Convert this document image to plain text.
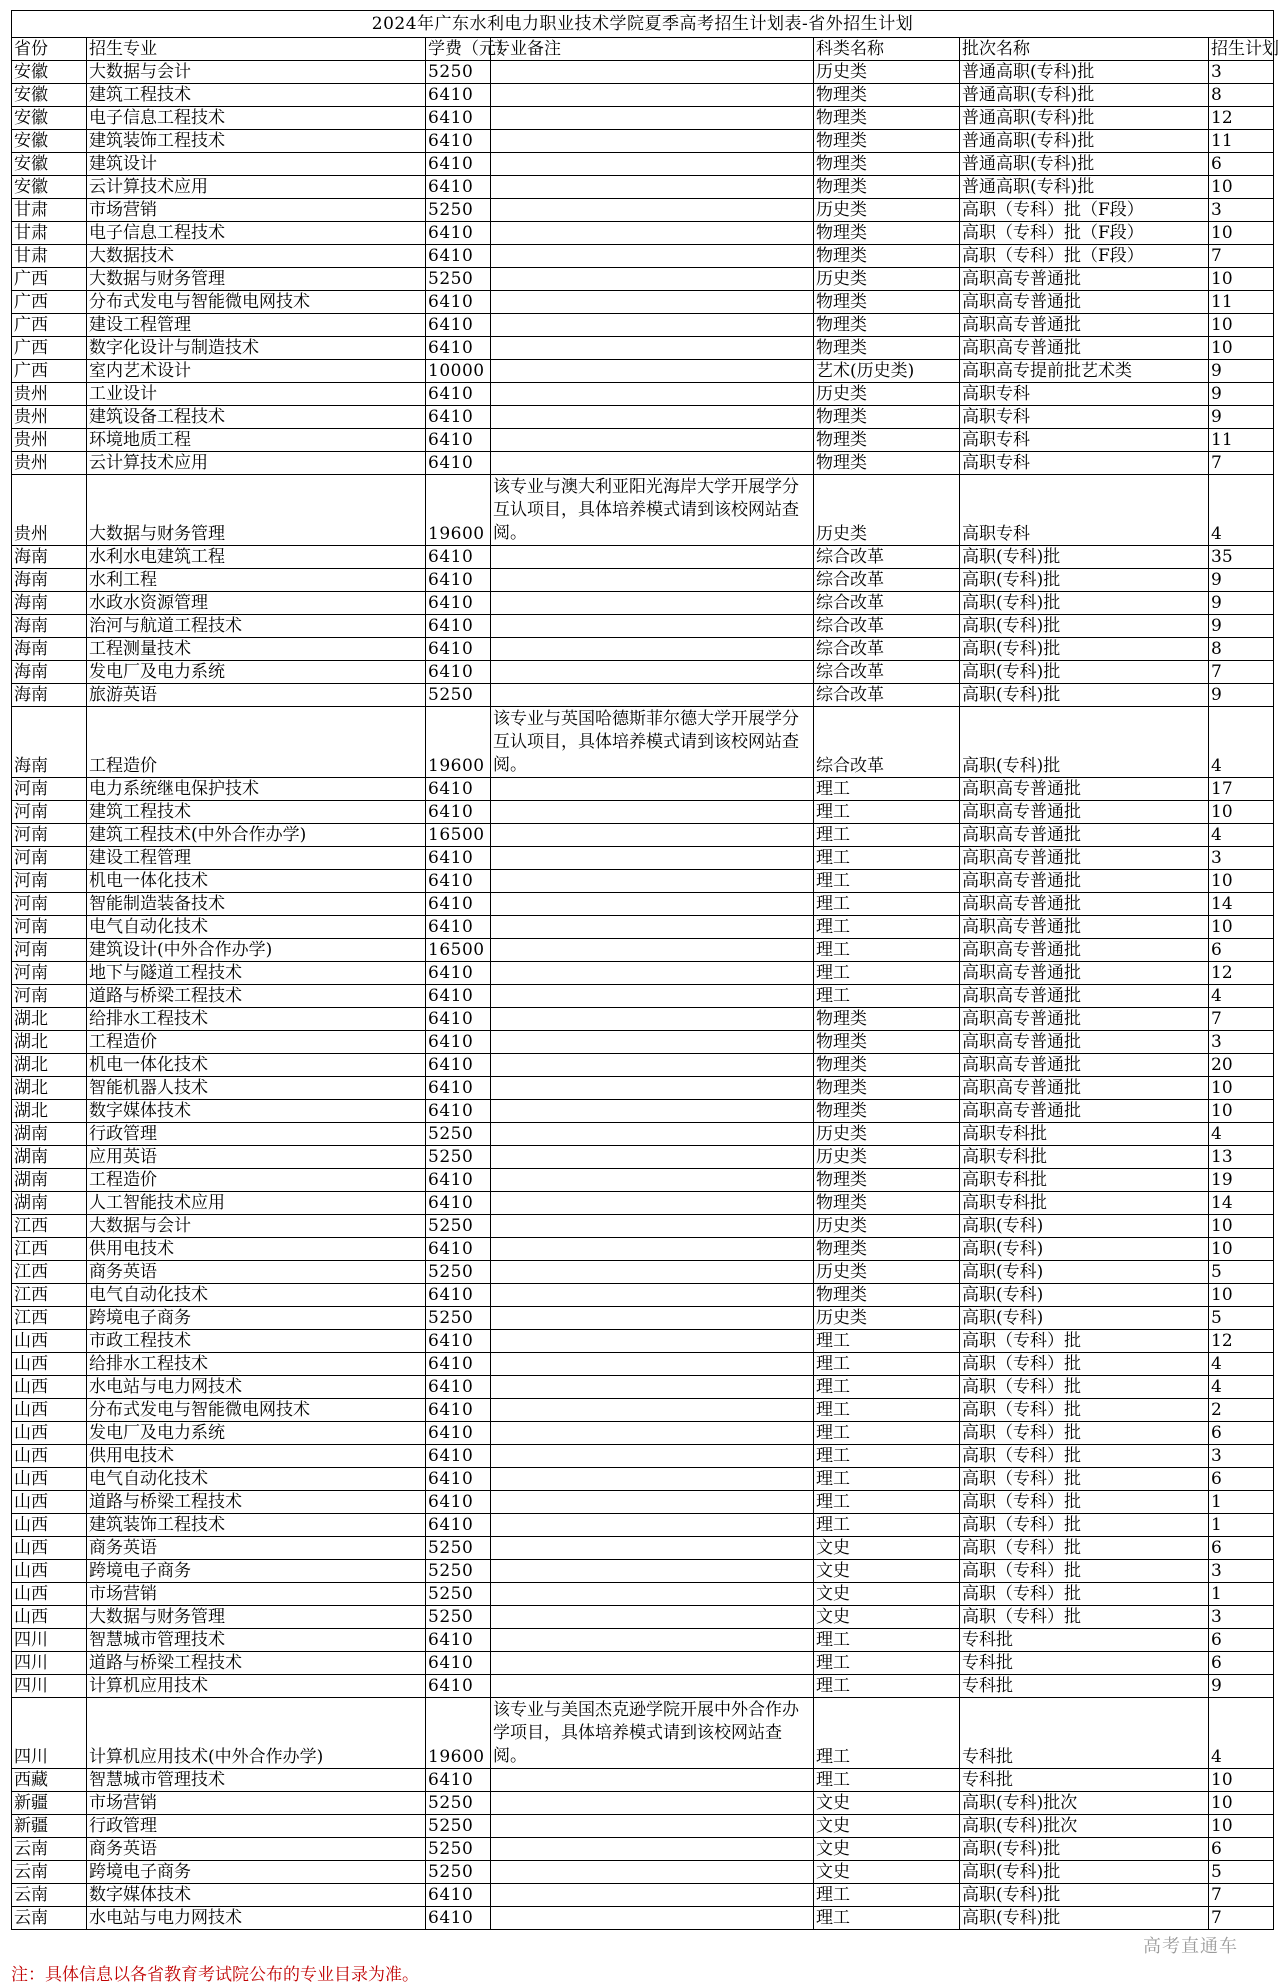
2024年广东水利电力职业技术学院夏季高考招生计划表-省外招生计划						
省份	招生专业	学费（元）	专业备注	科类名称	批次名称	招生计划
安徽	大数据与会计	5250		历史类	普通高职(专科)批	3
安徽	建筑工程技术	6410		物理类	普通高职(专科)批	8
安徽	电子信息工程技术	6410		物理类	普通高职(专科)批	12
安徽	建筑装饰工程技术	6410		物理类	普通高职(专科)批	11
安徽	建筑设计	6410		物理类	普通高职(专科)批	6
安徽	云计算技术应用	6410		物理类	普通高职(专科)批	10
甘肃	市场营销	5250		历史类	高职（专科）批（F段）	3
甘肃	电子信息工程技术	6410		物理类	高职（专科）批（F段）	10
甘肃	大数据技术	6410		物理类	高职（专科）批（F段）	7
广西	大数据与财务管理	5250		历史类	高职高专普通批	10
广西	分布式发电与智能微电网技术	6410		物理类	高职高专普通批	11
广西	建设工程管理	6410		物理类	高职高专普通批	10
广西	数字化设计与制造技术	6410		物理类	高职高专普通批	10
广西	室内艺术设计	10000		艺术(历史类)	高职高专提前批艺术类	9
贵州	工业设计	6410		历史类	高职专科	9
贵州	建筑设备工程技术	6410		物理类	高职专科	9
贵州	环境地质工程	6410		物理类	高职专科	11
贵州	云计算技术应用	6410		物理类	高职专科	7
贵州	大数据与财务管理	19600	该专业与澳大利亚阳光海岸大学开展学分互认项目，具体培养模式请到该校网站查阅。	历史类	高职专科	4
海南	水利水电建筑工程	6410		综合改革	高职(专科)批	35
海南	水利工程	6410		综合改革	高职(专科)批	9
海南	水政水资源管理	6410		综合改革	高职(专科)批	9
海南	治河与航道工程技术	6410		综合改革	高职(专科)批	9
海南	工程测量技术	6410		综合改革	高职(专科)批	8
海南	发电厂及电力系统	6410		综合改革	高职(专科)批	7
海南	旅游英语	5250		综合改革	高职(专科)批	9
海南	工程造价	19600	该专业与英国哈德斯菲尔德大学开展学分互认项目，具体培养模式请到该校网站查阅。	综合改革	高职(专科)批	4
河南	电力系统继电保护技术	6410		理工	高职高专普通批	17
河南	建筑工程技术	6410		理工	高职高专普通批	10
河南	建筑工程技术(中外合作办学)	16500		理工	高职高专普通批	4
河南	建设工程管理	6410		理工	高职高专普通批	3
河南	机电一体化技术	6410		理工	高职高专普通批	10
河南	智能制造装备技术	6410		理工	高职高专普通批	14
河南	电气自动化技术	6410		理工	高职高专普通批	10
河南	建筑设计(中外合作办学)	16500		理工	高职高专普通批	6
河南	地下与隧道工程技术	6410		理工	高职高专普通批	12
河南	道路与桥梁工程技术	6410		理工	高职高专普通批	4
湖北	给排水工程技术	6410		物理类	高职高专普通批	7
湖北	工程造价	6410		物理类	高职高专普通批	3
湖北	机电一体化技术	6410		物理类	高职高专普通批	20
湖北	智能机器人技术	6410		物理类	高职高专普通批	10
湖北	数字媒体技术	6410		物理类	高职高专普通批	10
湖南	行政管理	5250		历史类	高职专科批	4
湖南	应用英语	5250		历史类	高职专科批	13
湖南	工程造价	6410		物理类	高职专科批	19
湖南	人工智能技术应用	6410		物理类	高职专科批	14
江西	大数据与会计	5250		历史类	高职(专科)	10
江西	供用电技术	6410		物理类	高职(专科)	10
江西	商务英语	5250		历史类	高职(专科)	5
江西	电气自动化技术	6410		物理类	高职(专科)	10
江西	跨境电子商务	5250		历史类	高职(专科)	5
山西	市政工程技术	6410		理工	高职（专科）批	12
山西	给排水工程技术	6410		理工	高职（专科）批	4
山西	水电站与电力网技术	6410		理工	高职（专科）批	4
山西	分布式发电与智能微电网技术	6410		理工	高职（专科）批	2
山西	发电厂及电力系统	6410		理工	高职（专科）批	6
山西	供用电技术	6410		理工	高职（专科）批	3
山西	电气自动化技术	6410		理工	高职（专科）批	6
山西	道路与桥梁工程技术	6410		理工	高职（专科）批	1
山西	建筑装饰工程技术	6410		理工	高职（专科）批	1
山西	商务英语	5250		文史	高职（专科）批	6
山西	跨境电子商务	5250		文史	高职（专科）批	3
山西	市场营销	5250		文史	高职（专科）批	1
山西	大数据与财务管理	5250		文史	高职（专科）批	3
四川	智慧城市管理技术	6410		理工	专科批	6
四川	道路与桥梁工程技术	6410		理工	专科批	6
四川	计算机应用技术	6410		理工	专科批	9
四川	计算机应用技术(中外合作办学)	19600	该专业与美国杰克逊学院开展中外合作办学项目，具体培养模式请到该校网站查阅。	理工	专科批	4
西藏	智慧城市管理技术	6410		理工	专科批	10
新疆	市场营销	5250		文史	高职(专科)批次	10
新疆	行政管理	5250		文史	高职(专科)批次	10
云南	商务英语	5250		文史	高职(专科)批	6
云南	跨境电子商务	5250		文史	高职(专科)批	5
云南	数字媒体技术	6410		理工	高职(专科)批	7
云南	水电站与电力网技术	6410		理工	高职(专科)批	7
注：具体信息以各省教育考试院公布的专业目录为准。
高考直通车
